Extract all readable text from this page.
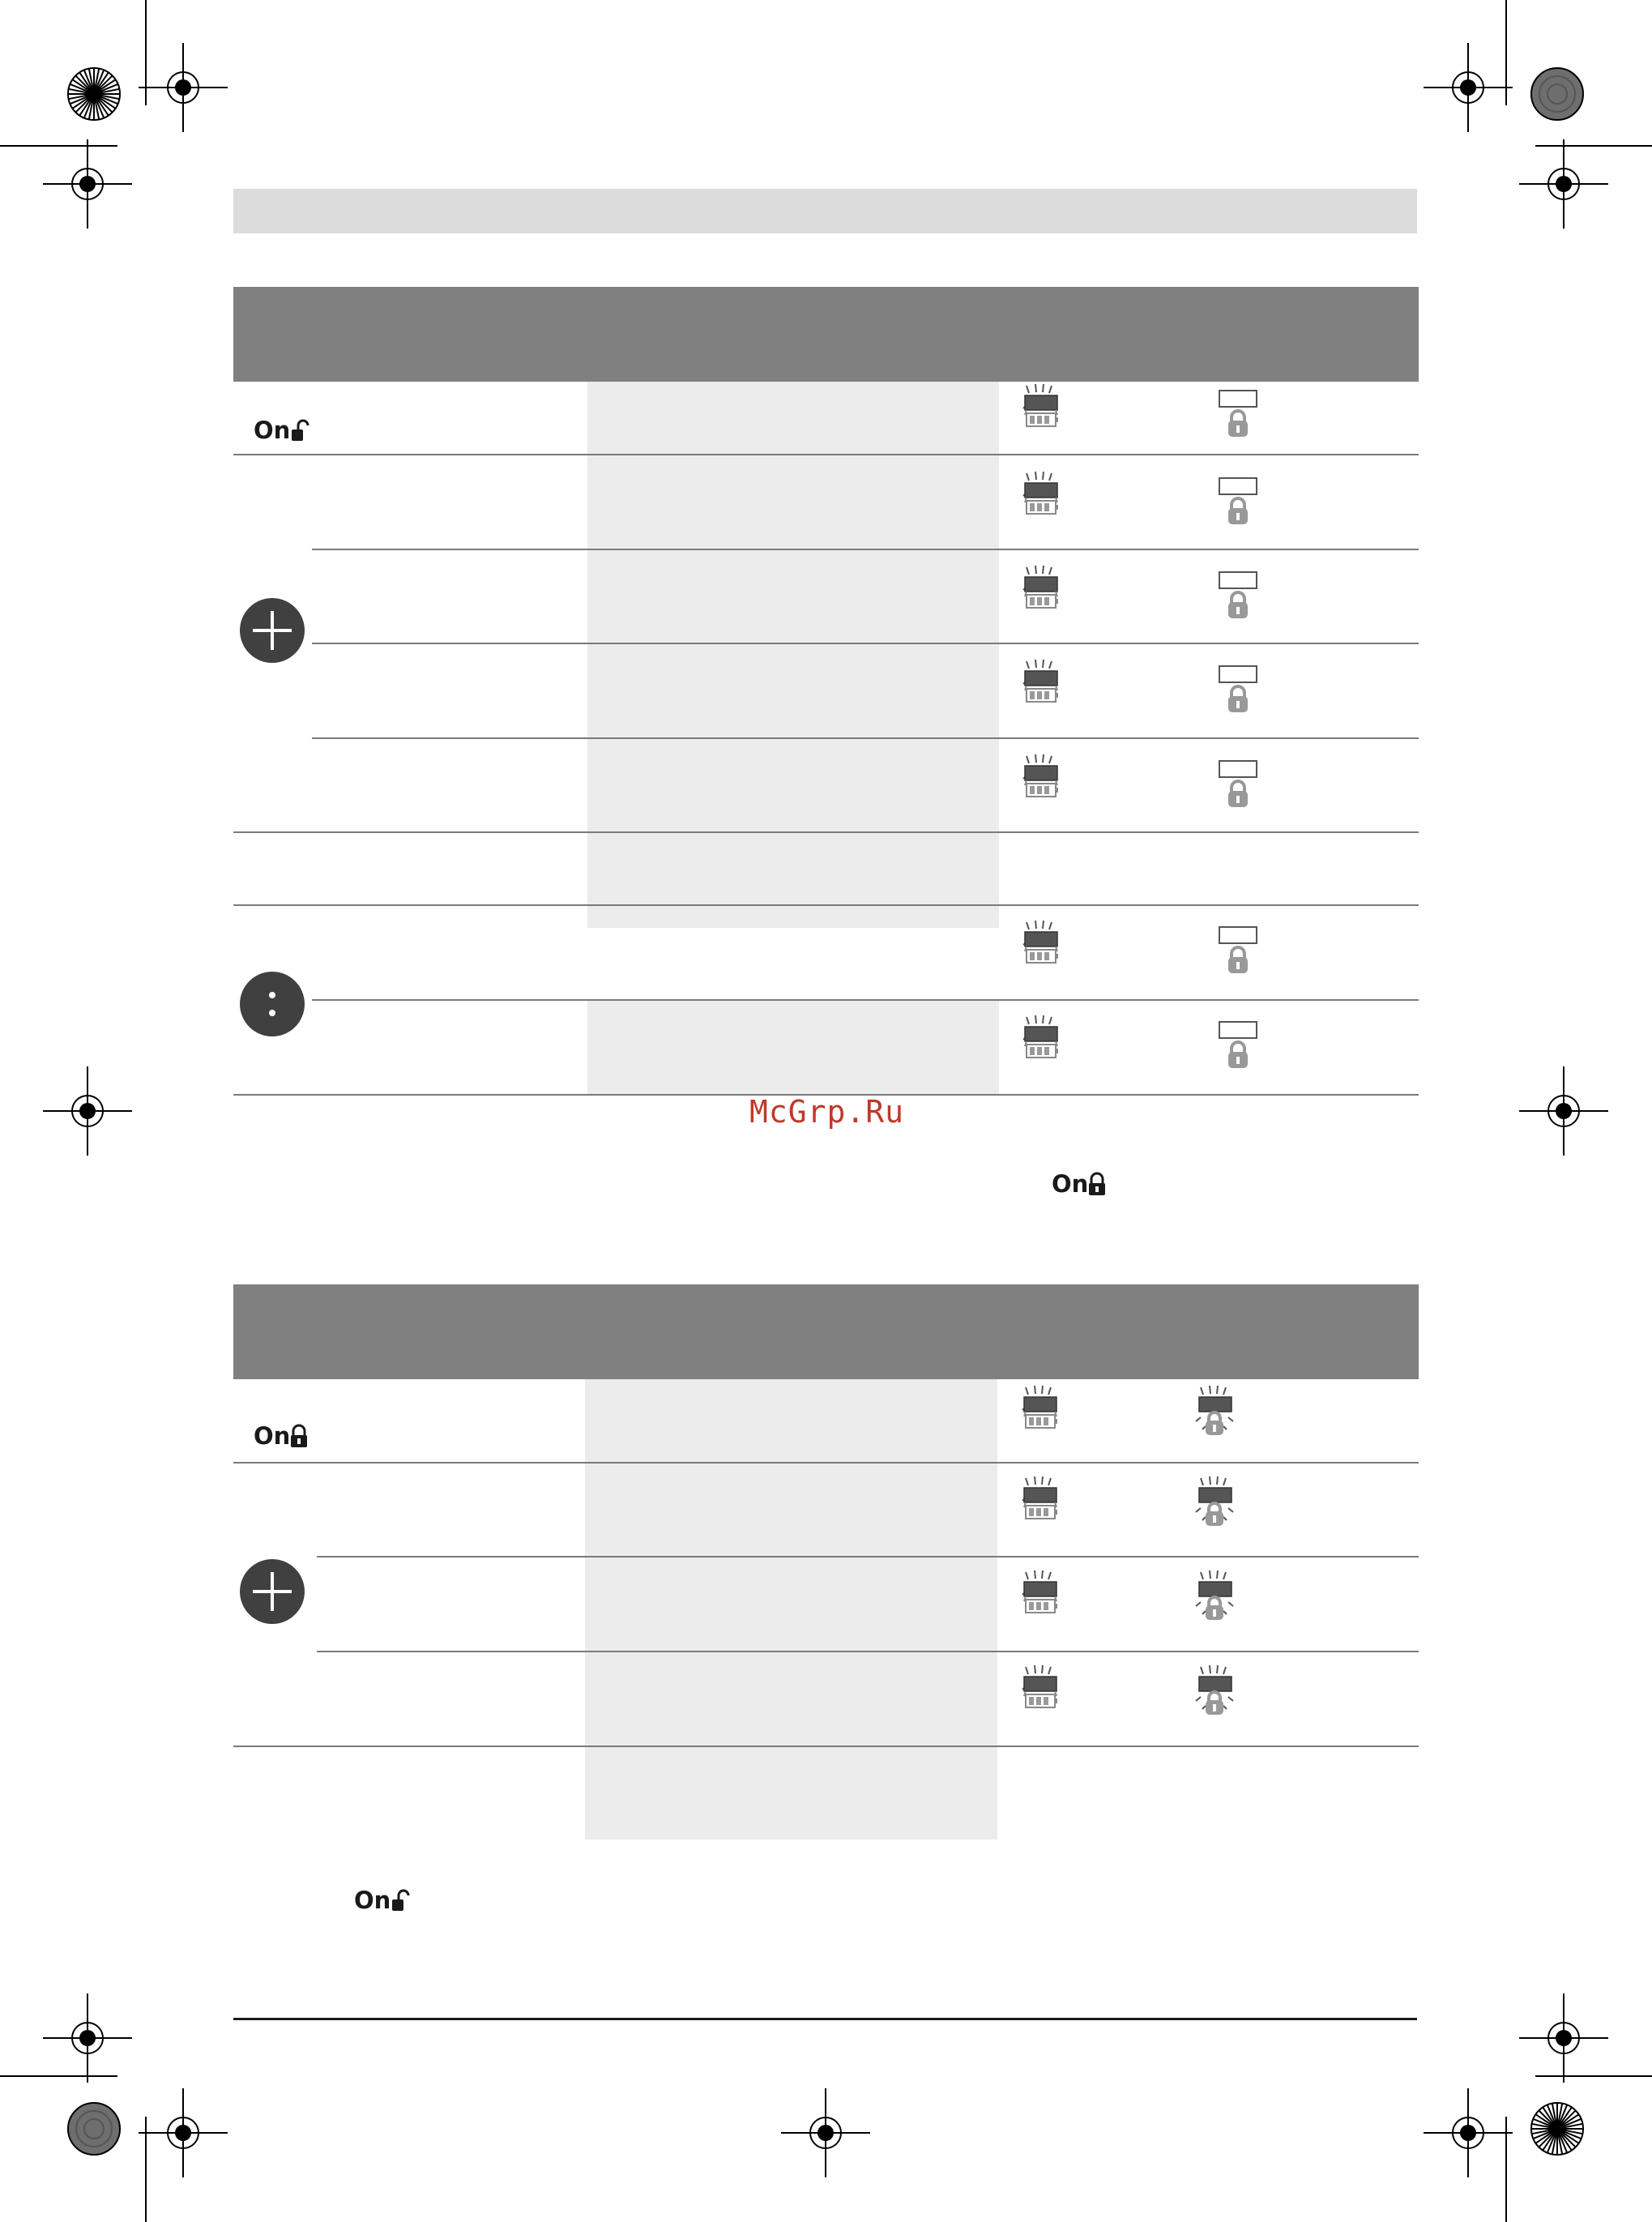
On
On
On
McGrp.Ru
On
